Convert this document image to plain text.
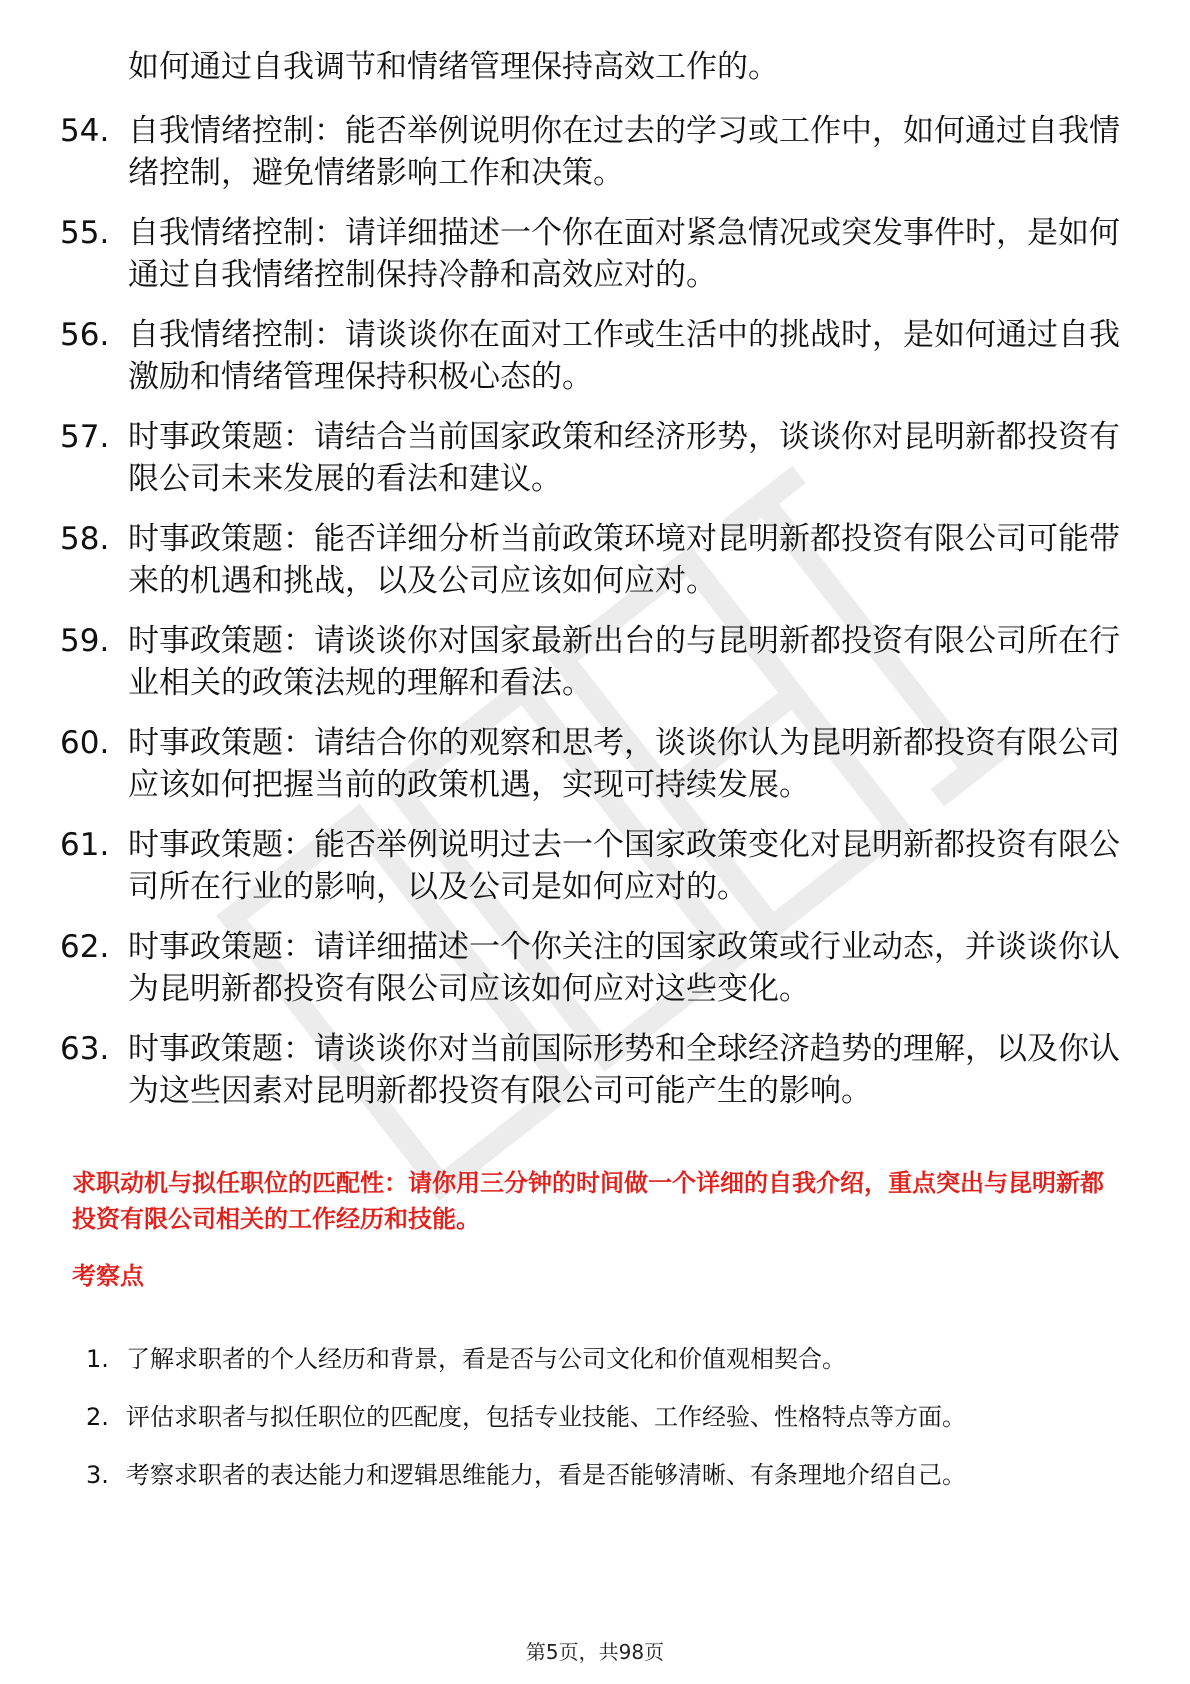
如何通过自我调节和情绪管理保持高效工作的。
54. 自我情绪控制：能否举例说明你在过去的学习或工作中，如何通过自我情绪控制，避免情绪影响工作和决策。
55. 自我情绪控制：请详细描述一个你在面对紧急情况或突发事件时，是如何通过自我情绪控制保持冷静和高效应对的。
56. 自我情绪控制：请谈谈你在面对工作或生活中的挑战时，是如何通过自我激励和情绪管理保持积极心态的。
57. 时事政策题：请结合当前国家政策和经济形势，谈谈你对昆明新都投资有限公司未来发展的看法和建议。
58. 时事政策题：能否详细分析当前政策环境对昆明新都投资有限公司可能带来的机遇和挑战，以及公司应该如何应对。
59. 时事政策题：请谈谈你对国家最新出台的与昆明新都投资有限公司所在行业相关的政策法规的理解和看法。
60. 时事政策题：请结合你的观察和思考，谈谈你认为昆明新都投资有限公司应该如何把握当前的政策机遇，实现可持续发展。
61. 时事政策题：能否举例说明过去一个国家政策变化对昆明新都投资有限公司所在行业的影响，以及公司是如何应对的。
62. 时事政策题：请详细描述一个你关注的国家政策或行业动态，并谈谈你认为昆明新都投资有限公司应该如何应对这些变化。
63. 时事政策题：请谈谈你对当前国际形势和全球经济趋势的理解，以及你认为这些因素对昆明新都投资有限公司可能产生的影响。
求职动机与拟任职位的匹配性：请你用三分钟的时间做一个详细的自我介绍，重点突出与昆明新都投资有限公司相关的工作经历和技能。
考察点
1. 了解求职者的个人经历和背景，看是否与公司文化和价值观相契合。
2. 评估求职者与拟任职位的匹配度，包括专业技能、工作经验、性格特点等方面。
3. 考察求职者的表达能力和逻辑思维能力，看是否能够清晰、有条理地介绍自己。
第5页，共98页
